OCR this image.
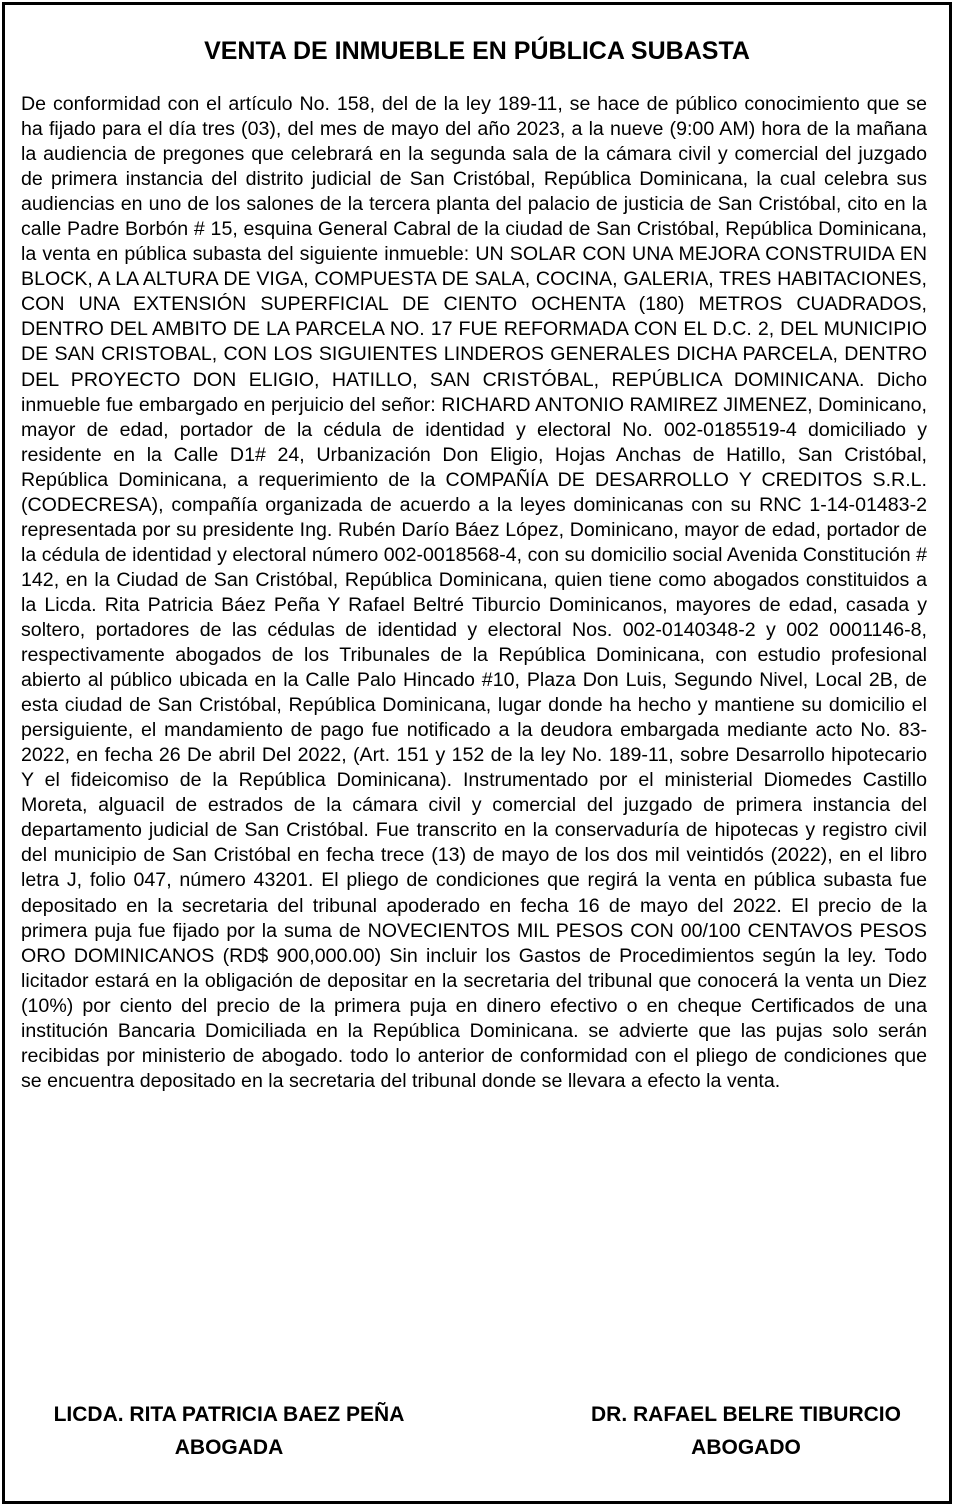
VENTA DE INMUEBLE EN PÚBLICA SUBASTA

De conformidad con el artículo No. 158, del de la ley 189-11, se hace de público conocimiento que se ha fijado para el día tres (03), del mes de mayo del año 2023, a la nueve (9:00 AM) hora de la mañana la audiencia de pregones que celebrará en la segunda sala de la cámara civil y comercial del juzgado de primera instancia del distrito judicial de San Cristóbal, República Dominicana, la cual celebra sus audiencias en uno de los salones de la tercera planta del palacio de justicia de San Cristóbal, cito en la calle Padre Borbón # 15, esquina General Cabral de la ciudad de San Cristóbal, República Dominicana, la venta en pública subasta del siguiente inmueble: UN SOLAR CON UNA MEJORA CONSTRUIDA EN BLOCK, A LA ALTURA DE VIGA, COMPUESTA DE SALA, COCINA, GALERIA, TRES HABITACIONES, CON UNA EXTENSIÓN SUPERFICIAL DE CIENTO OCHENTA (180) METROS CUADRADOS, DENTRO DEL AMBITO DE LA PARCELA NO. 17 FUE REFORMADA CON EL D.C. 2, DEL MUNICIPIO DE SAN CRISTOBAL, CON LOS SIGUIENTES LINDEROS GENERALES DICHA PARCELA, DENTRO DEL PROYECTO DON ELIGIO, HATILLO, SAN CRISTÓBAL, REPÚBLICA DOMINICANA. Dicho inmueble fue embargado en perjuicio del señor: RICHARD ANTONIO RAMIREZ JIMENEZ, Dominicano, mayor de edad, portador de la cédula de identidad y electoral No. 002-0185519-4 domiciliado y residente en la Calle D1# 24, Urbanización Don Eligio, Hojas Anchas de Hatillo, San Cristóbal, República Dominicana, a requerimiento de la COMPAÑÍA DE DESARROLLO Y CREDITOS S.R.L. (CODECRESA), compañía organizada de acuerdo a la leyes dominicanas con su RNC 1-14-01483-2 representada por su presidente Ing. Rubén Darío Báez López, Dominicano, mayor de edad, portador de la cédula de identidad y electoral número 002-0018568-4, con su domicilio social Avenida Constitución # 142, en la Ciudad de San Cristóbal, República Dominicana, quien tiene como abogados constituidos a la Licda. Rita Patricia Báez Peña Y Rafael Beltré Tiburcio Dominicanos, mayores de edad, casada y soltero, portadores de las cédulas de identidad y electoral Nos. 002-0140348-2 y 002 0001146-8, respectivamente abogados de los Tribunales de la República Dominicana, con estudio profesional abierto al público ubicada en la Calle Palo Hincado #10, Plaza Don Luis, Segundo Nivel, Local 2B, de esta ciudad de San Cristóbal, República Dominicana, lugar donde ha hecho y mantiene su domicilio el persiguiente, el mandamiento de pago fue notificado a la deudora embargada mediante acto No. 83-2022, en fecha 26 De abril Del 2022, (Art. 151 y 152 de la ley No. 189-11, sobre Desarrollo hipotecario Y el fideicomiso de la República Dominicana). Instrumentado por el ministerial Diomedes Castillo Moreta, alguacil de estrados de la cámara civil y comercial del juzgado de primera instancia del departamento judicial de San Cristóbal. Fue transcrito en la conservaduría de hipotecas y registro civil del municipio de San Cristóbal en fecha trece (13) de mayo de los dos mil veintidós (2022), en el libro letra J, folio 047, número 43201. El pliego de condiciones que regirá la venta en pública subasta fue depositado en la secretaria del tribunal apoderado en fecha 16 de mayo del 2022. El precio de la primera puja fue fijado por la suma de NOVECIENTOS MIL PESOS CON 00/100 CENTAVOS PESOS ORO DOMINICANOS (RD$ 900,000.00) Sin incluir los Gastos de Procedimientos según la ley. Todo licitador estará en la obligación de depositar en la secretaria del tribunal que conocerá la venta un Diez (10%) por ciento del precio de la primera puja en dinero efectivo o en cheque Certificados de una institución Bancaria Domiciliada en la República Dominicana. se advierte que las pujas solo serán recibidas por ministerio de abogado. todo lo anterior de conformidad con el pliego de condiciones que se encuentra depositado en la secretaria del tribunal donde se llevara a efecto la venta.

LICDA. RITA PATRICIA BAEZ PEÑA
ABOGADA
DR. RAFAEL BELRE TIBURCIO
ABOGADO
